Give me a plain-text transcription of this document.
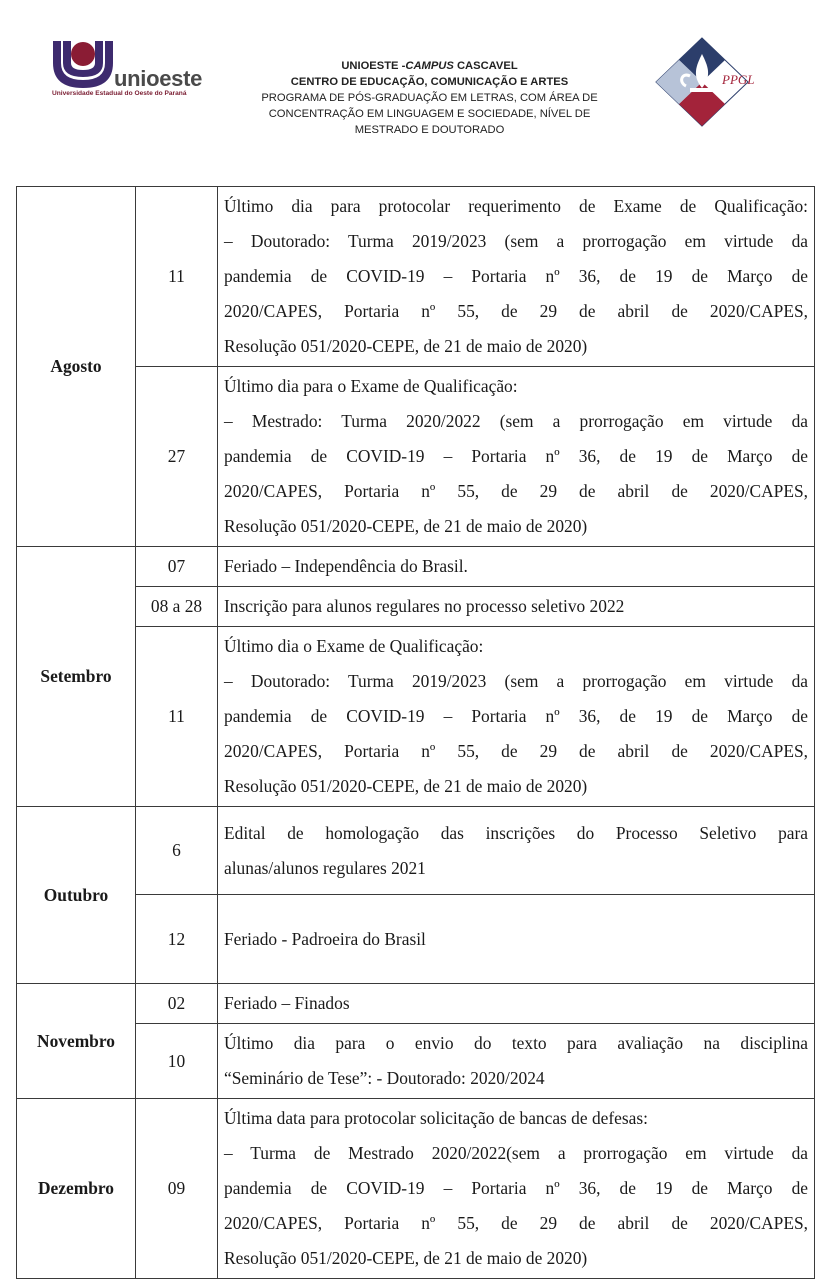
unioeste
Universidade Estadual do Oeste do Paraná
UNIOESTE -CAMPUS CASCAVEL
CENTRO DE EDUCAÇÃO, COMUNICAÇÃO E ARTES
PROGRAMA DE PÓS-GRADUAÇÃO EM LETRAS, COM ÁREA DE
CONCENTRAÇÃO EM LINGUAGEM E SOCIEDADE, NÍVEL DE
MESTRADO E DOUTORADO
PPGL
Agosto	11	Último dia para protocolar requerimento de Exame de Qualificação:
– Doutorado: Turma 2019/2023 (sem a prorrogação em virtude da
pandemia de COVID-19 – Portaria nº 36, de 19 de Março de
2020/CAPES, Portaria nº 55, de 29 de abril de 2020/CAPES,
Resolução 051/2020-CEPE, de 21 de maio de 2020)

	27	Último dia para o Exame de Qualificação:
– Mestrado: Turma 2020/2022 (sem a prorrogação em virtude da
pandemia de COVID-19 – Portaria nº 36, de 19 de Março de
2020/CAPES, Portaria nº 55, de 29 de abril de 2020/CAPES,
Resolução 051/2020-CEPE, de 21 de maio de 2020)

Setembro	07	Feriado – Independência do Brasil.

	08 a 28	Inscrição para alunos regulares no processo seletivo 2022

	11	Último dia o Exame de Qualificação:
– Doutorado: Turma 2019/2023 (sem a prorrogação em virtude da
pandemia de COVID-19 – Portaria nº 36, de 19 de Março de
2020/CAPES, Portaria nº 55, de 29 de abril de 2020/CAPES,
Resolução 051/2020-CEPE, de 21 de maio de 2020)

Outubro	6	Edital de homologação das inscrições do Processo Seletivo para
alunas/alunos regulares 2021

	12	Feriado - Padroeira do Brasil

Novembro	02	Feriado – Finados

	10	Último dia para o envio do texto para avaliação na disciplina
“Seminário de Tese”: - Doutorado: 2020/2024

Dezembro	09	Última data para protocolar solicitação de bancas de defesas:
– Turma de Mestrado 2020/2022(sem a prorrogação em virtude da
pandemia de COVID-19 – Portaria nº 36, de 19 de Março de
2020/CAPES, Portaria nº 55, de 29 de abril de 2020/CAPES,
Resolução 051/2020-CEPE, de 21 de maio de 2020)
